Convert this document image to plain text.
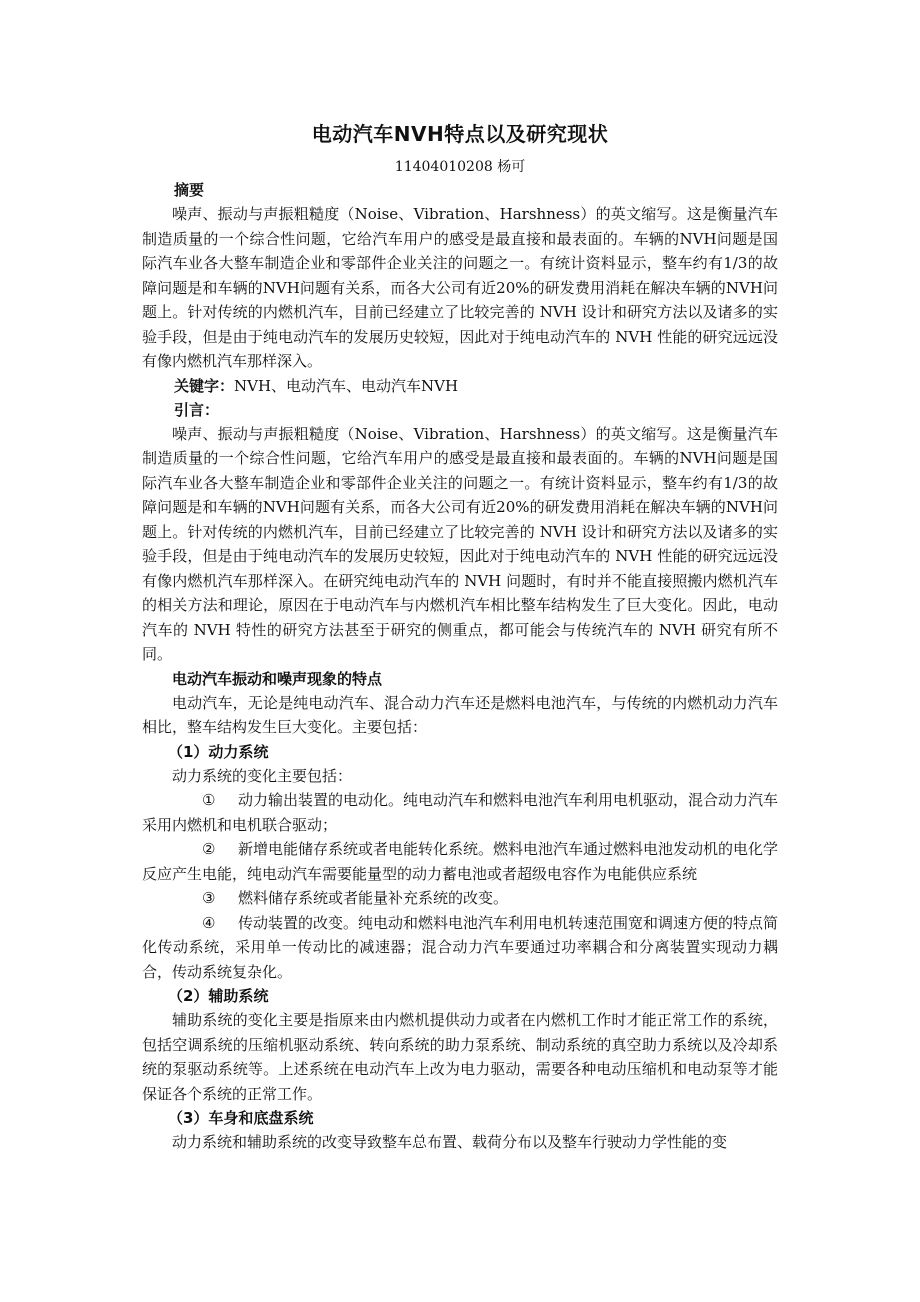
电动汽车NVH特点以及研究现状
11404010208 杨可
摘要

噪声、振动与声振粗糙度（Noise、Vibration、Harshness）的英文缩写。这是衡量汽车制造质量的一个综合性问题，它给汽车用户的感受是最直接和最表面的。车辆的NVH问题是国际汽车业各大整车制造企业和零部件企业关注的问题之一。有统计资料显示，整车约有1/3的故障问题是和车辆的NVH问题有关系，而各大公司有近20%的研发费用消耗在解决车辆的NVH问题上。针对传统的内燃机汽车，目前已经建立了比较完善的 NVH 设计和研究方法以及诸多的实验手段，但是由于纯电动汽车的发展历史较短，因此对于纯电动汽车的 NVH 性能的研究远远没有像内燃机汽车那样深入。

关键字：NVH、电动汽车、电动汽车NVH
引言：

噪声、振动与声振粗糙度（Noise、Vibration、Harshness）的英文缩写。这是衡量汽车制造质量的一个综合性问题，它给汽车用户的感受是最直接和最表面的。车辆的NVH问题是国际汽车业各大整车制造企业和零部件企业关注的问题之一。有统计资料显示，整车约有1/3的故障问题是和车辆的NVH问题有关系，而各大公司有近20%的研发费用消耗在解决车辆的NVH问题上。针对传统的内燃机汽车，目前已经建立了比较完善的 NVH 设计和研究方法以及诸多的实验手段，但是由于纯电动汽车的发展历史较短，因此对于纯电动汽车的 NVH 性能的研究远远没有像内燃机汽车那样深入。在研究纯电动汽车的 NVH 问题时，有时并不能直接照搬内燃机汽车的相关方法和理论，原因在于电动汽车与内燃机汽车相比整车结构发生了巨大变化。因此，电动汽车的 NVH 特性的研究方法甚至于研究的侧重点，都可能会与传统汽车的 NVH 研究有所不同。

电动汽车振动和噪声现象的特点

电动汽车，无论是纯电动汽车、混合动力汽车还是燃料电池汽车，与传统的内燃机动力汽车相比，整车结构发生巨大变化。主要包括：

（1）动力系统
动力系统的变化主要包括：

① 动力输出装置的电动化。纯电动汽车和燃料电池汽车利用电机驱动，混合动力汽车采用内燃机和电机联合驱动；

② 新增电能储存系统或者电能转化系统。燃料电池汽车通过燃料电池发动机的电化学反应产生电能，纯电动汽车需要能量型的动力蓄电池或者超级电容作为电能供应系统

③ 燃料储存系统或者能量补充系统的改变。

④ 传动装置的改变。纯电动和燃料电池汽车利用电机转速范围宽和调速方便的特点简化传动系统，采用单一传动比的减速器；混合动力汽车要通过功率耦合和分离装置实现动力耦合，传动系统复杂化。

（2）辅助系统

辅助系统的变化主要是指原来由内燃机提供动力或者在内燃机工作时才能正常工作的系统，包括空调系统的压缩机驱动系统、转向系统的助力泵系统、制动系统的真空助力系统以及冷却系统的泵驱动系统等。上述系统在电动汽车上改为电力驱动，需要各种电动压缩机和电动泵等才能保证各个系统的正常工作。

（3）车身和底盘系统

动力系统和辅助系统的改变导致整车总布置、载荷分布以及整车行驶动力学性能的变
